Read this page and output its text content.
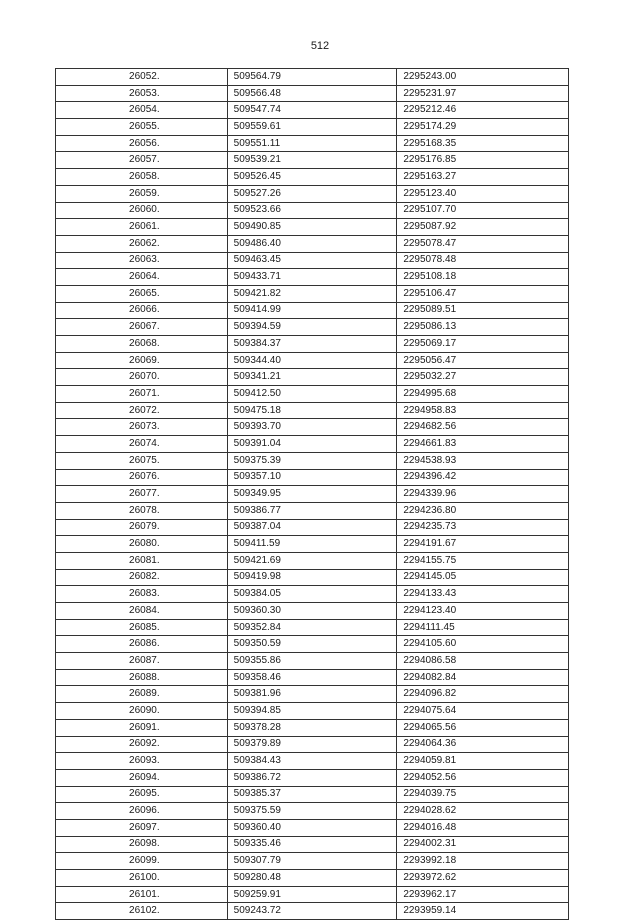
512
26052.	509564.79	2295243.00
26053.	509566.48	2295231.97
26054.	509547.74	2295212.46
26055.	509559.61	2295174.29
26056.	509551.11	2295168.35
26057.	509539.21	2295176.85
26058.	509526.45	2295163.27
26059.	509527.26	2295123.40
26060.	509523.66	2295107.70
26061.	509490.85	2295087.92
26062.	509486.40	2295078.47
26063.	509463.45	2295078.48
26064.	509433.71	2295108.18
26065.	509421.82	2295106.47
26066.	509414.99	2295089.51
26067.	509394.59	2295086.13
26068.	509384.37	2295069.17
26069.	509344.40	2295056.47
26070.	509341.21	2295032.27
26071.	509412.50	2294995.68
26072.	509475.18	2294958.83
26073.	509393.70	2294682.56
26074.	509391.04	2294661.83
26075.	509375.39	2294538.93
26076.	509357.10	2294396.42
26077.	509349.95	2294339.96
26078.	509386.77	2294236.80
26079.	509387.04	2294235.73
26080.	509411.59	2294191.67
26081.	509421.69	2294155.75
26082.	509419.98	2294145.05
26083.	509384.05	2294133.43
26084.	509360.30	2294123.40
26085.	509352.84	2294111.45
26086.	509350.59	2294105.60
26087.	509355.86	2294086.58
26088.	509358.46	2294082.84
26089.	509381.96	2294096.82
26090.	509394.85	2294075.64
26091.	509378.28	2294065.56
26092.	509379.89	2294064.36
26093.	509384.43	2294059.81
26094.	509386.72	2294052.56
26095.	509385.37	2294039.75
26096.	509375.59	2294028.62
26097.	509360.40	2294016.48
26098.	509335.46	2294002.31
26099.	509307.79	2293992.18
26100.	509280.48	2293972.62
26101.	509259.91	2293962.17
26102.	509243.72	2293959.14
